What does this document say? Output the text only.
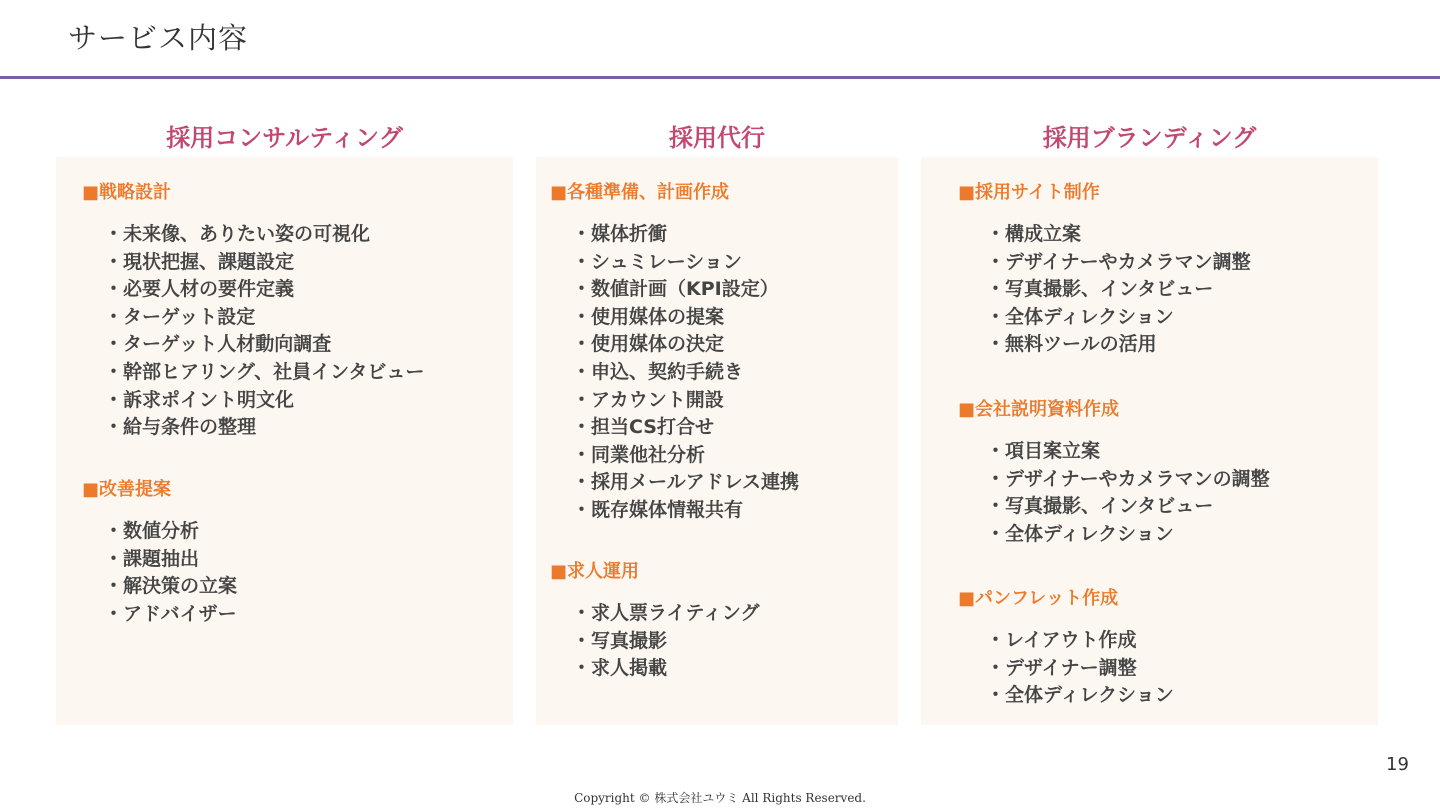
サービス内容
採用コンサルティング
■戦略設計
・未来像、ありたい姿の可視化
・現状把握、課題設定
・必要人材の要件定義
・ターゲット設定
・ターゲット人材動向調査
・幹部ヒアリング、社員インタビュー
・訴求ポイント明文化
・給与条件の整理
■改善提案
・数値分析
・課題抽出
・解決策の立案
・アドバイザー
採用代行
■各種準備、計画作成
・媒体折衝
・シュミレーション
・数値計画（KPI設定）
・使用媒体の提案
・使用媒体の決定
・申込、契約手続き
・アカウント開設
・担当CS打合せ
・同業他社分析
・採用メールアドレス連携
・既存媒体情報共有
■求人運用
・求人票ライティング
・写真撮影
・求人掲載
採用ブランディング
■採用サイト制作
・構成立案
・デザイナーやカメラマン調整
・写真撮影、インタビュー
・全体ディレクション
・無料ツールの活用
■会社説明資料作成
・項目案立案
・デザイナーやカメラマンの調整
・写真撮影、インタビュー
・全体ディレクション
■パンフレット作成
・レイアウト作成
・デザイナー調整
・全体ディレクション
19
Copyright © 株式会社ユウミ All Rights Reserved.
